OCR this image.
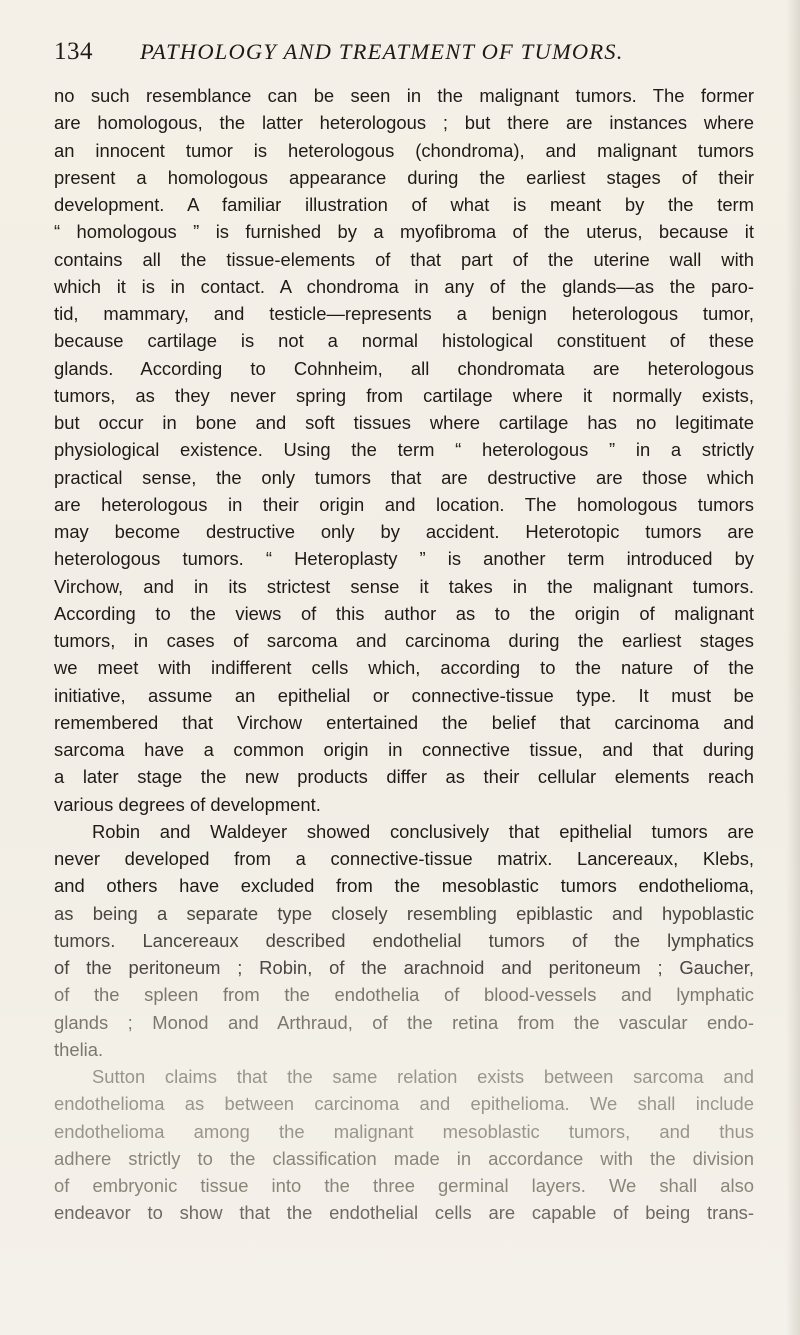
134 PATHOLOGY AND TREATMENT OF TUMORS.
no such resemblance can be seen in the malignant tumors. The former
are homologous, the latter heterologous ; but there are instances where
an innocent tumor is heterologous (chondroma), and malignant tumors
present a homologous appearance during the earliest stages of their
development. A familiar illustration of what is meant by the term
“ homologous ” is furnished by a myofibroma of the uterus, because it
contains all the tissue-elements of that part of the uterine wall with
which it is in contact. A chondroma in any of the glands—as the paro-
tid, mammary, and testicle—represents a benign heterologous tumor,
because cartilage is not a normal histological constituent of these
glands. According to Cohnheim, all chondromata are heterologous
tumors, as they never spring from cartilage where it normally exists,
but occur in bone and soft tissues where cartilage has no legitimate
physiological existence. Using the term “ heterologous ” in a strictly
practical sense, the only tumors that are destructive are those which
are heterologous in their origin and location. The homologous tumors
may become destructive only by accident. Heterotopic tumors are
heterologous tumors. “ Heteroplasty ” is another term introduced by
Virchow, and in its strictest sense it takes in the malignant tumors.
According to the views of this author as to the origin of malignant
tumors, in cases of sarcoma and carcinoma during the earliest stages
we meet with indifferent cells which, according to the nature of the
initiative, assume an epithelial or connective-tissue type. It must be
remembered that Virchow entertained the belief that carcinoma and
sarcoma have a common origin in connective tissue, and that during
a later stage the new products differ as their cellular elements reach
various degrees of development.
Robin and Waldeyer showed conclusively that epithelial tumors are
never developed from a connective-tissue matrix. Lancereaux, Klebs,
and others have excluded from the mesoblastic tumors endothelioma,
as being a separate type closely resembling epiblastic and hypoblastic
tumors. Lancereaux described endothelial tumors of the lymphatics
of the peritoneum ; Robin, of the arachnoid and peritoneum ; Gaucher,
of the spleen from the endothelia of blood-vessels and lymphatic
glands ; Monod and Arthraud, of the retina from the vascular endo-
thelia.
Sutton claims that the same relation exists between sarcoma and
endothelioma as between carcinoma and epithelioma. We shall include
endothelioma among the malignant mesoblastic tumors, and thus
adhere strictly to the classification made in accordance with the division
of embryonic tissue into the three germinal layers. We shall also
endeavor to show that the endothelial cells are capable of being trans-
